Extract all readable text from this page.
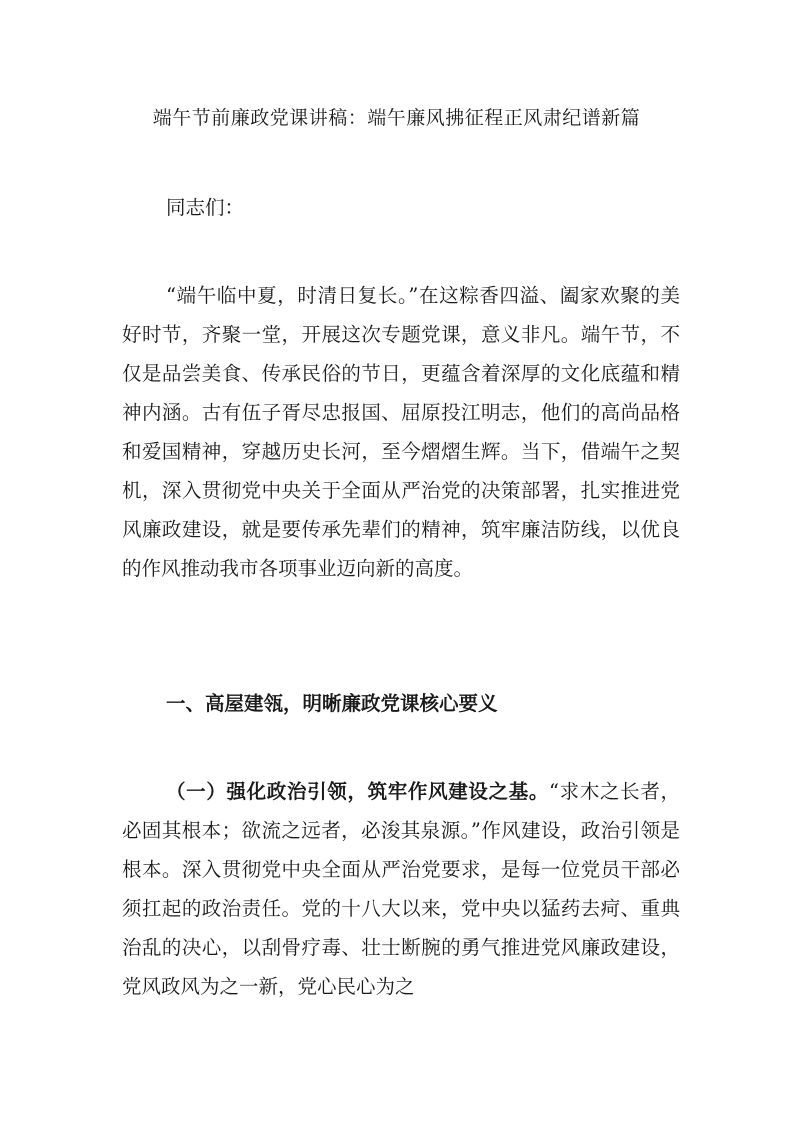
端午节前廉政党课讲稿：端午廉风拂征程正风肃纪谱新篇

同志们：

“端午临中夏，时清日复长。”在这粽香四溢、阖家欢聚的美好时节，齐聚一堂，开展这次专题党课，意义非凡。端午节，不仅是品尝美食、传承民俗的节日，更蕴含着深厚的文化底蕴和精神内涵。古有伍子胥尽忠报国、屈原投江明志，他们的高尚品格和爱国精神，穿越历史长河，至今熠熠生辉。当下，借端午之契机，深入贯彻党中央关于全面从严治党的决策部署，扎实推进党风廉政建设，就是要传承先辈们的精神，筑牢廉洁防线，以优良的作风推动我市各项事业迈向新的高度。

一、高屋建瓴，明晰廉政党课核心要义

（一）强化政治引领，筑牢作风建设之基。“求木之长者，必固其根本；欲流之远者，必浚其泉源。”作风建设，政治引领是根本。深入贯彻党中央全面从严治党要求，是每一位党员干部必须扛起的政治责任。党的十八大以来，党中央以猛药去疴、重典治乱的决心，以刮骨疗毒、壮士断腕的勇气推进党风廉政建设，党风政风为之一新，党心民心为之
